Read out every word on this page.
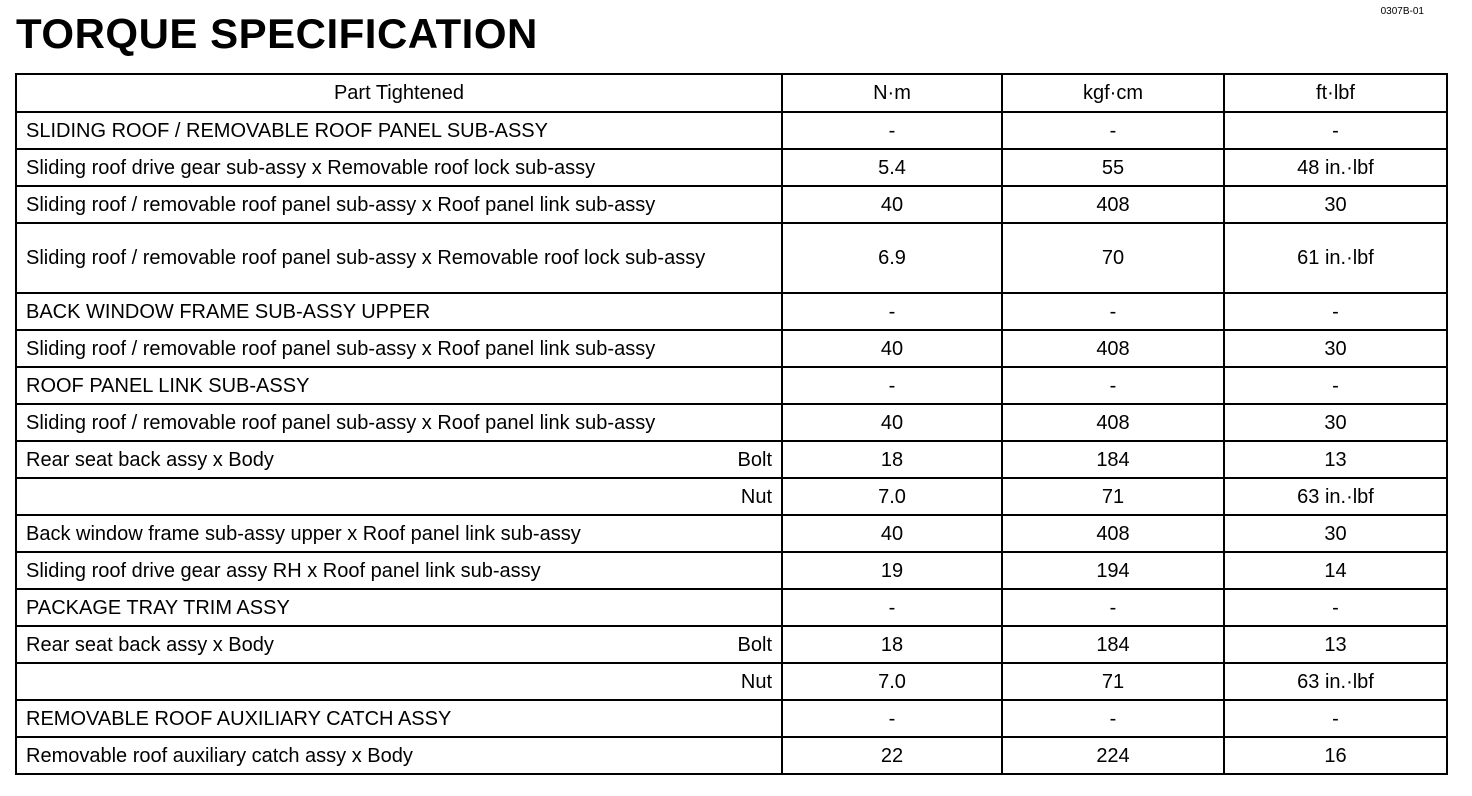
0307B-01
TORQUE SPECIFICATION
Part Tightened	N·m	kgf·cm	ft·lbf

SLIDING ROOF / REMOVABLE ROOF PANEL SUB-ASSY	-	-	-

Sliding roof drive gear sub-assy x Removable roof lock sub-assy	5.4	55	48 in.·lbf

Sliding roof / removable roof panel sub-assy x Roof panel link sub-assy	40	408	30

Sliding roof / removable roof panel sub-assy x Removable roof lock sub-assy	6.9	70	61 in.·lbf

BACK WINDOW FRAME SUB-ASSY UPPER	-	-	-

Sliding roof / removable roof panel sub-assy x Roof panel link sub-assy	40	408	30

ROOF PANEL LINK SUB-ASSY	-	-	-

Sliding roof / removable roof panel sub-assy x Roof panel link sub-assy	40	408	30

Rear seat back assy x Body Bolt	18	184	13

Nut	7.0	71	63 in.·lbf

Back window frame sub-assy upper x Roof panel link sub-assy	40	408	30

Sliding roof drive gear assy RH x Roof panel link sub-assy	19	194	14

PACKAGE TRAY TRIM ASSY	-	-	-

Rear seat back assy x Body Bolt	18	184	13

Nut	7.0	71	63 in.·lbf

REMOVABLE ROOF AUXILIARY CATCH ASSY	-	-	-

Removable roof auxiliary catch assy x Body	22	224	16
